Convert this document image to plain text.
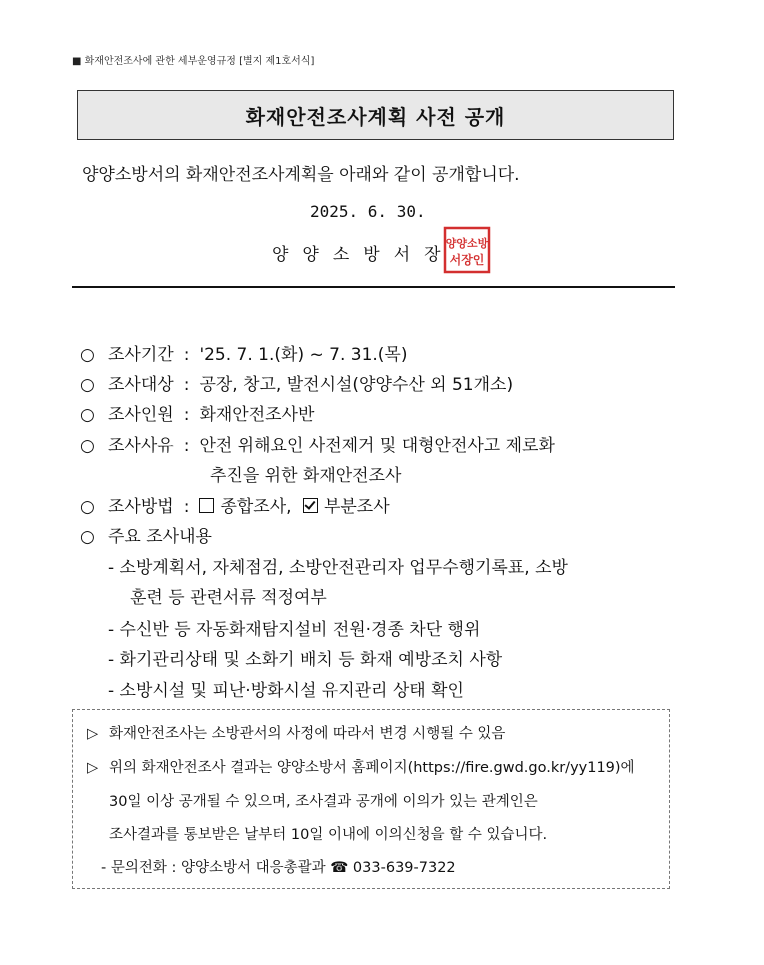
■ 화재안전조사에 관한 세부운영규정 [별지 제1호서식]
화재안전조사계획 사전 공개
양양소방서의 화재안전조사계획을 아래와 같이 공개합니다.
2025. 6. 30.
양양소방서장
양양소방
서장인
○ 조사기간 : '25. 7. 1.(화) ~ 7. 31.(목)
○ 조사대상 : 공장, 창고, 발전시설(양양수산 외 51개소)
○ 조사인원 : 화재안전조사반
○ 조사사유 : 안전 위해요인 사전제거 및 대형안전사고 제로화
추진을 위한 화재안전조사
○ 조사방법 : 종합조사, 부분조사
○ 주요 조사내용
- 소방계획서, 자체점검, 소방안전관리자 업무수행기록표, 소방
훈련 등 관련서류 적정여부
- 수신반 등 자동화재탐지설비 전원·경종 차단 행위
- 화기관리상태 및 소화기 배치 등 화재 예방조치 사항
- 소방시설 및 피난·방화시설 유지관리 상태 확인
▷ 화재안전조사는 소방관서의 사정에 따라서 변경 시행될 수 있음
▷ 위의 화재안전조사 결과는 양양소방서 홈페이지(https://fire.gwd.go.kr/yy119)에
30일 이상 공개될 수 있으며, 조사결과 공개에 이의가 있는 관계인은
조사결과를 통보받은 날부터 10일 이내에 이의신청을 할 수 있습니다.
- 문의전화 : 양양소방서 대응총괄과 ☎ 033-639-7322
